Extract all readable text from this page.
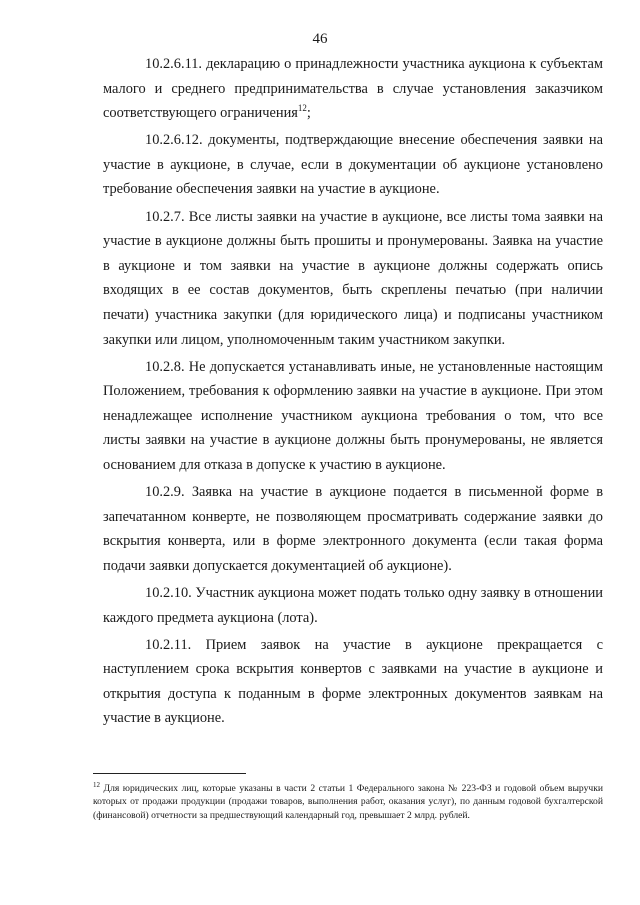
46

10.2.6.11. декларацию о принадлежности участника аукциона к субъектам малого и среднего предпринимательства в случае установления заказчиком соответствующего ограничения$^{12}$;

10.2.6.12. документы, подтверждающие внесение обеспечения заявки на участие в аукционе, в случае, если в документации об аукционе установлено требование обеспечения заявки на участие в аукционе.

10.2.7. Все листы заявки на участие в аукционе, все листы тома заявки на участие в аукционе должны быть прошиты и пронумерованы. Заявка на участие в аукционе и том заявки на участие в аукционе должны содержать опись входящих в ее состав документов, быть скреплены печатью (при наличии печати) участника закупки (для юридического лица) и подписаны участником закупки или лицом, уполномоченным таким участником закупки.

10.2.8. Не допускается устанавливать иные, не установленные настоящим Положением, требования к оформлению заявки на участие в аукционе. При этом ненадлежащее исполнение участником аукциона требования о том, что все листы заявки на участие в аукционе должны быть пронумерованы, не является основанием для отказа в допуске к участию в аукционе.

10.2.9. Заявка на участие в аукционе подается в письменной форме в запечатанном конверте, не позволяющем просматривать содержание заявки до вскрытия конверта, или в форме электронного документа (если такая форма подачи заявки допускается документацией об аукционе).

10.2.10. Участник аукциона может подать только одну заявку в отношении каждого предмета аукциона (лота).

10.2.11. Прием заявок на участие в аукционе прекращается с наступлением срока вскрытия конвертов с заявками на участие в аукционе и открытия доступа к поданным в форме электронных документов заявкам на участие в аукционе.

$^{12}$ Для юридических лиц, которые указаны в части 2 статьи 1 Федерального закона № 223-ФЗ и годовой объем выручки которых от продажи продукции (продажи товаров, выполнения работ, оказания услуг), по данным годовой бухгалтерской (финансовой) отчетности за предшествующий календарный год, превышает 2 млрд. рублей.
